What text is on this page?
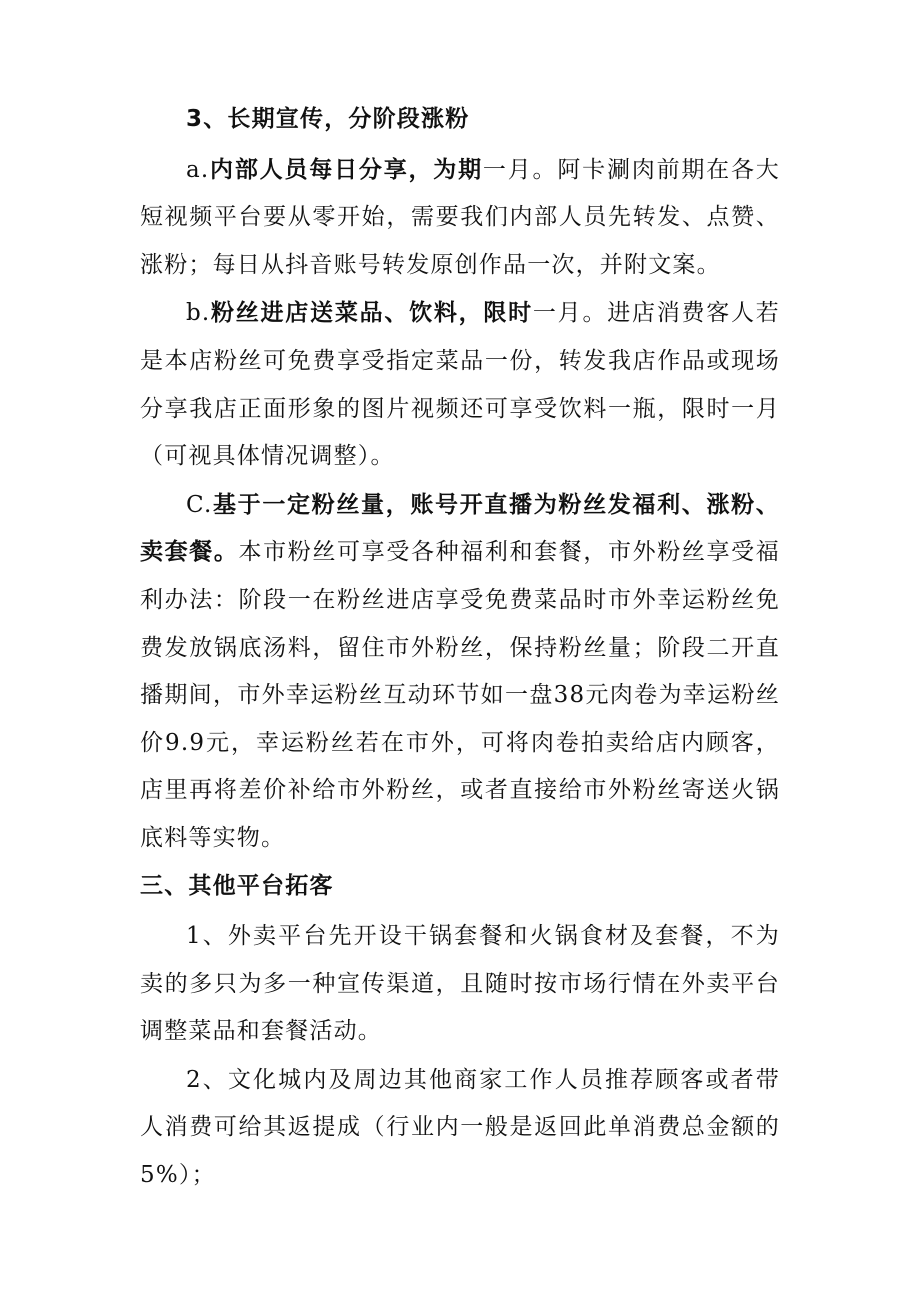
3、长期宣传，分阶段涨粉

a.内部人员每日分享，为期一月。阿卡涮肉前期在各大短视频平台要从零开始，需要我们内部人员先转发、点赞、涨粉；每日从抖音账号转发原创作品一次，并附文案。

b.粉丝进店送菜品、饮料，限时一月。进店消费客人若是本店粉丝可免费享受指定菜品一份，转发我店作品或现场分享我店正面形象的图片视频还可享受饮料一瓶，限时一月（可视具体情况调整）。

C.基于一定粉丝量，账号开直播为粉丝发福利、涨粉、卖套餐。本市粉丝可享受各种福利和套餐，市外粉丝享受福利办法：阶段一在粉丝进店享受免费菜品时市外幸运粉丝免费发放锅底汤料，留住市外粉丝，保持粉丝量；阶段二开直播期间，市外幸运粉丝互动环节如一盘38元肉卷为幸运粉丝价9.9元，幸运粉丝若在市外，可将肉卷拍卖给店内顾客，店里再将差价补给市外粉丝，或者直接给市外粉丝寄送火锅底料等实物。

三、其他平台拓客

1、外卖平台先开设干锅套餐和火锅食材及套餐，不为卖的多只为多一种宣传渠道，且随时按市场行情在外卖平台调整菜品和套餐活动。

2、文化城内及周边其他商家工作人员推荐顾客或者带人消费可给其返提成（行业内一般是返回此单消费总金额的5%）；
